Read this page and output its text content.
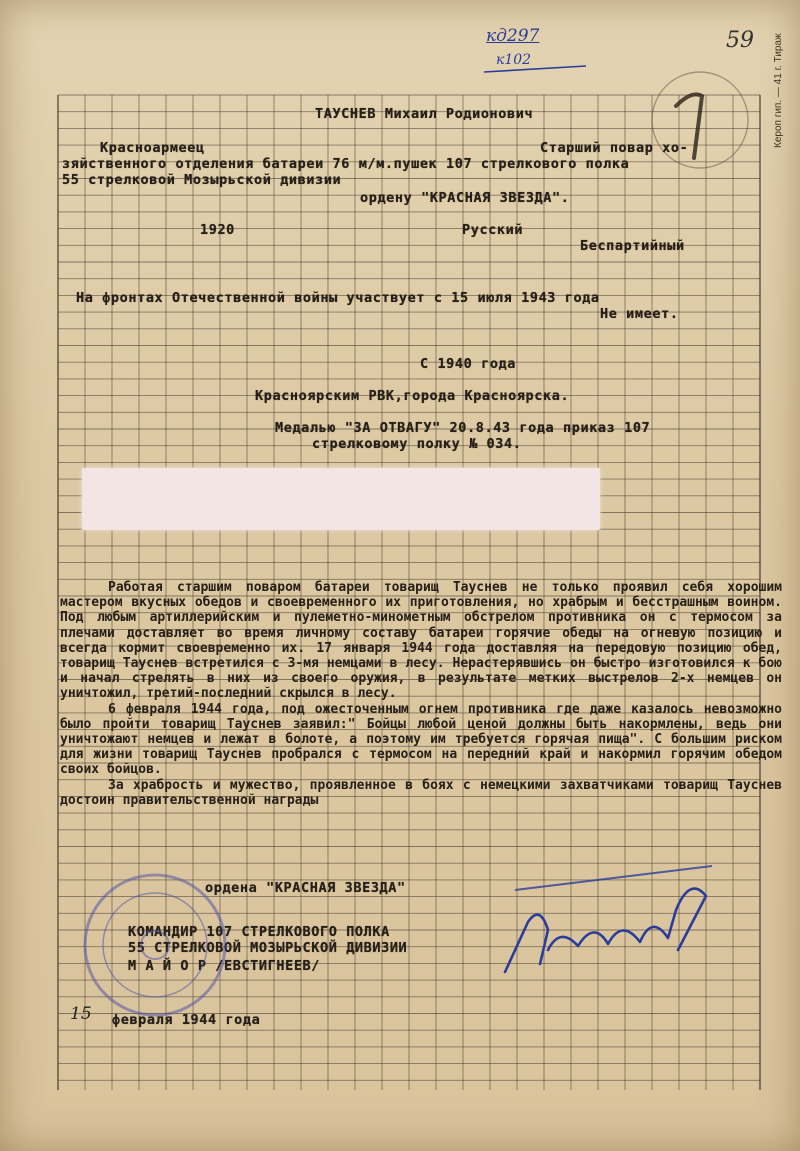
Кероп гип. — 41 г. Тираж
кд297
к102
59
ТАУСНЕВ Михаил Родионович
Красноармеец	Старший повар хо-
зяйственного отделения батареи 76 м/м.пушек 107 стрелкового полка
55 стрелковой Мозырьской дивизии
ордену "КРАСНАЯ ЗВЕЗДА".
1920	Русский
Беспартийный
На фронтах Отечественной войны участвует с 15 июля 1943 года
Не имеет.
С 1940 года
Красноярским РВК,города Красноярска.
Медалью "ЗА ОТВАГУ" 20.8.43 года приказ 107
стрелковому полку № 034.

Работая старшим поваром батареи товарищ Тауснев не только проявил себя хорошим мастером вкусных обедов и своевременного их приготовления, но храбрым и бесстрашным воином. Под любым артиллерийским и пулеметно-минометным обстрелом противника он с термосом за плечами доставляет во время личному составу батареи горячие обеды на огневую позицию и всегда кормит своевременно их. 17 января 1944 года доставляя на передовую позицию обед, товарищ Тауснев встретился с 3-мя немцами в лесу. Нерастерявшись он быстро изготовился к бою и начал стрелять в них из своего оружия, в результате метких выстрелов 2-х немцев он уничтожил, третий-последний скрылся в лесу.

6 февраля 1944 года, под ожесточенным огнем противника где даже казалось невозможно было пройти товарищ Тауснев заявил:" Бойцы любой ценой должны быть накормлены, ведь они уничтожают немцев и лежат в болоте, а поэтому им требуется горячая пища". С большим риском для жизни товарищ Тауснев пробрался с термосом на передний край и накормил горячим обедом своих бойцов.

За храбрость и мужество, проявленное в боях с немецкими захватчиками товарищ Тауснев достоин правительственной награды

ордена "КРАСНАЯ ЗВЕЗДА"
КОМАНДИР 107 СТРЕЛКОВОГО ПОЛКА
55 СТРЕЛКОВОЙ МОЗЫРЬСКОЙ ДИВИЗИИ
М А Й О Р /ЕВСТИГНЕЕВ/
15 февраля 1944 года
